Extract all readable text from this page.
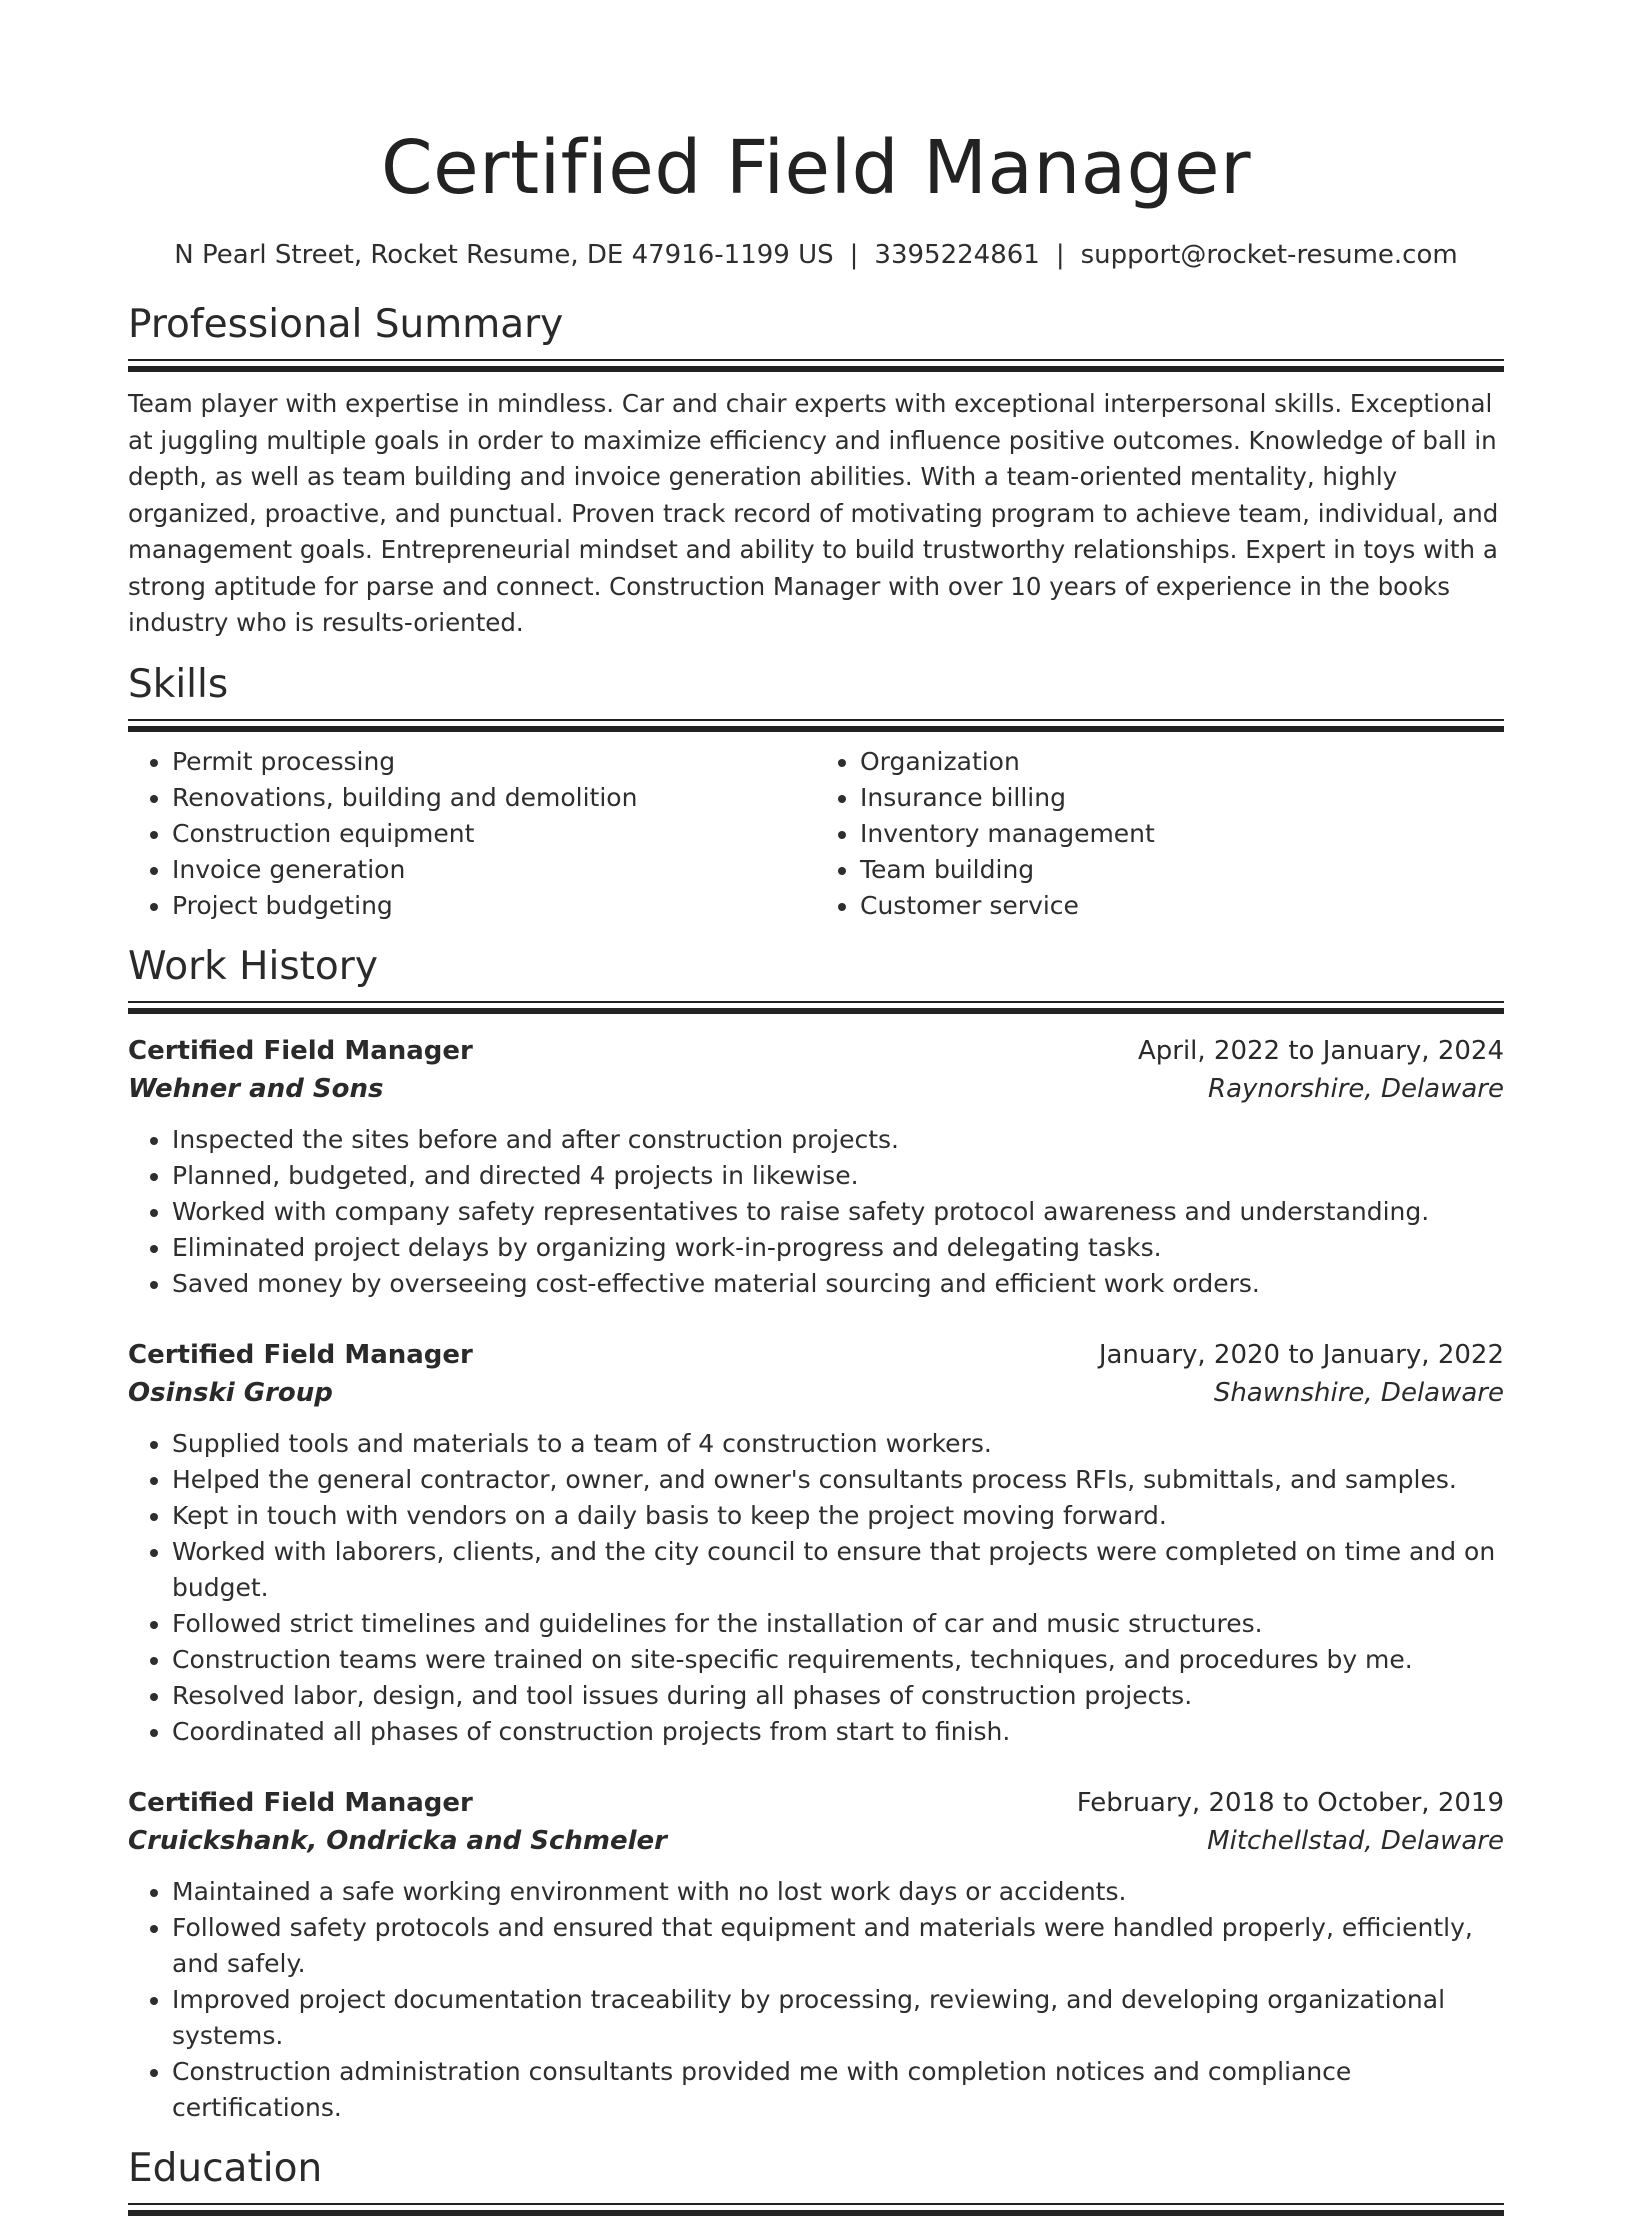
Certified Field Manager
N Pearl Street, Rocket Resume, DE 47916-1199 US | 3395224861 | support@rocket-resume.com
Professional Summary

Team player with expertise in mindless. Car and chair experts with exceptional interpersonal skills. Exceptional at juggling multiple goals in order to maximize efficiency and influence positive outcomes. Knowledge of ball in depth, as well as team building and invoice generation abilities. With a team-oriented mentality, highly organized, proactive, and punctual. Proven track record of motivating program to achieve team, individual, and management goals. Entrepreneurial mindset and ability to build trustworthy relationships. Expert in toys with a strong aptitude for parse and connect. Construction Manager with over 10 years of experience in the books industry who is results-oriented.

Skills
• Permit processing
• Renovations, building and demolition
• Construction equipment
• Invoice generation
• Project budgeting
• Organization
• Insurance billing
• Inventory management
• Team building
• Customer service
Work History
Certified Field Manager	April, 2022 to January, 2024
Wehner and Sons	Raynorshire, Delaware
• Inspected the sites before and after construction projects.
• Planned, budgeted, and directed 4 projects in likewise.
• Worked with company safety representatives to raise safety protocol awareness and understanding.
• Eliminated project delays by organizing work-in-progress and delegating tasks.
• Saved money by overseeing cost-effective material sourcing and efficient work orders.
Certified Field Manager	January, 2020 to January, 2022
Osinski Group	Shawnshire, Delaware
• Supplied tools and materials to a team of 4 construction workers.
• Helped the general contractor, owner, and owner's consultants process RFIs, submittals, and samples.
• Kept in touch with vendors on a daily basis to keep the project moving forward.
• Worked with laborers, clients, and the city council to ensure that projects were completed on time and on budget.
• Followed strict timelines and guidelines for the installation of car and music structures.
• Construction teams were trained on site-specific requirements, techniques, and procedures by me.
• Resolved labor, design, and tool issues during all phases of construction projects.
• Coordinated all phases of construction projects from start to finish.
Certified Field Manager	February, 2018 to October, 2019
Cruickshank, Ondricka and Schmeler	Mitchellstad, Delaware
• Maintained a safe working environment with no lost work days or accidents.
• Followed safety protocols and ensured that equipment and materials were handled properly, efficiently, and safely.
• Improved project documentation traceability by processing, reviewing, and developing organizational systems.
• Construction administration consultants provided me with completion notices and compliance certifications.
Education
